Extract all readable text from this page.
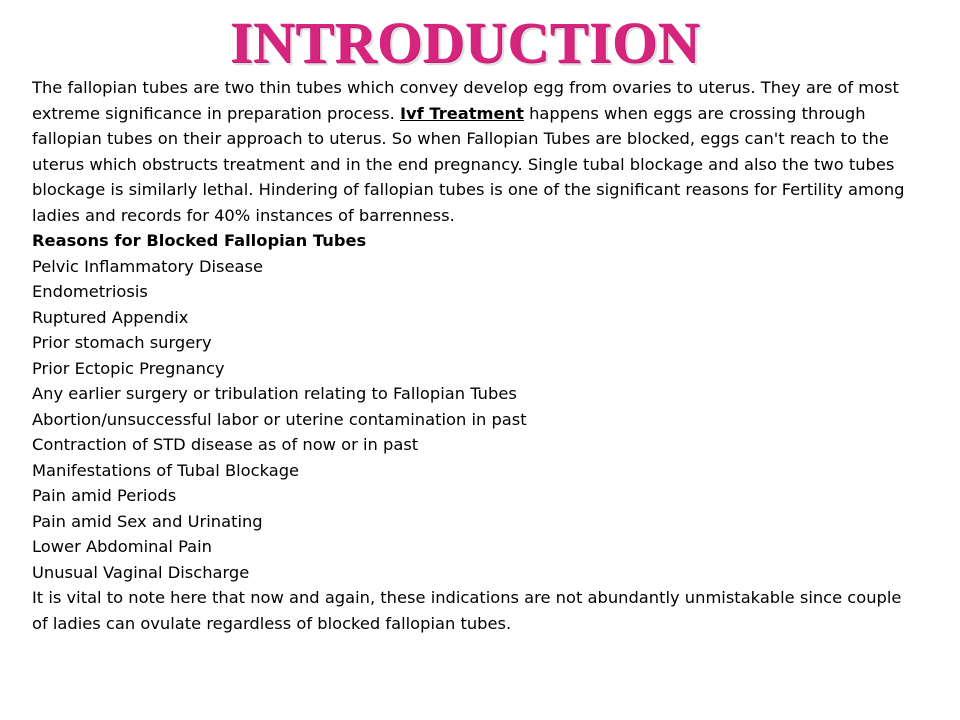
INTRODUCTION

The fallopian tubes are two thin tubes which convey develop egg from ovaries to uterus. They are of most extreme significance in preparation process. Ivf Treatment happens when eggs are crossing through fallopian tubes on their approach to uterus. So when Fallopian Tubes are blocked, eggs can't reach to the uterus which obstructs treatment and in the end pregnancy. Single tubal blockage and also the two tubes blockage is similarly lethal. Hindering of fallopian tubes is one of the significant reasons for Fertility among ladies and records for 40% instances of barrenness.

Reasons for Blocked Fallopian Tubes

Pelvic Inflammatory Disease
Endometriosis
Ruptured Appendix
Prior stomach surgery
Prior Ectopic Pregnancy
Any earlier surgery or tribulation relating to Fallopian Tubes
Abortion/unsuccessful labor or uterine contamination in past
Contraction of STD disease as of now or in past

Manifestations of Tubal Blockage

Pain amid Periods
Pain amid Sex and Urinating
Lower Abdominal Pain
Unusual Vaginal Discharge

It is vital to note here that now and again, these indications are not abundantly unmistakable since couple of ladies can ovulate regardless of blocked fallopian tubes.
